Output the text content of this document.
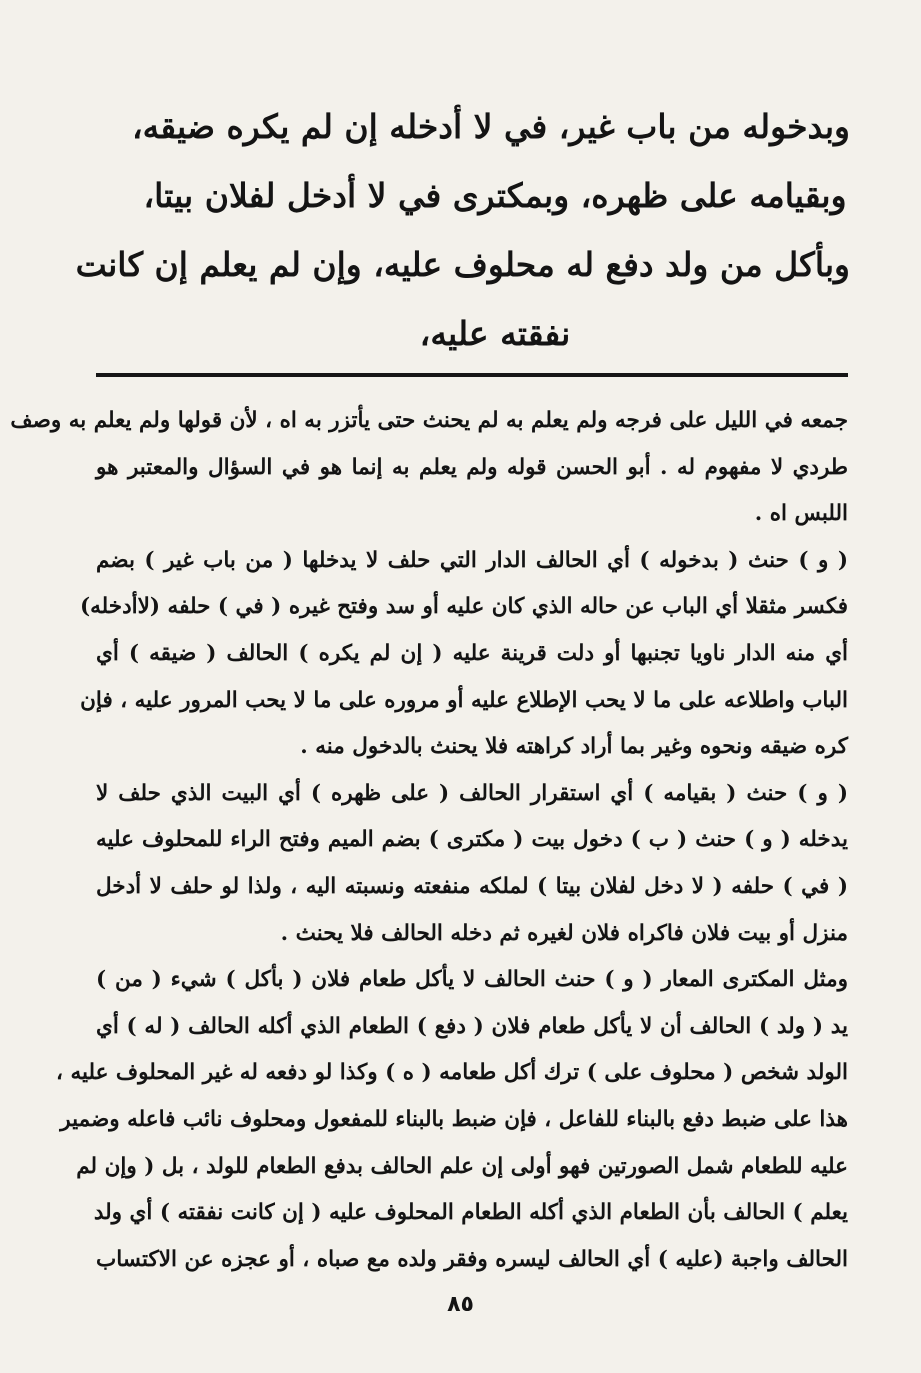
وبدخوله من باب غير، في لا أدخله إن لم يكره ضيقه،
وبقيامه على ظهره، وبمكترى في لا أدخل لفلان بيتا،
وبأكل من ولد دفع له محلوف عليه، وإن لم يعلم إن كانت
نفقته عليه،
جمعه في الليل على فرجه ولم يعلم به لم يحنث حتى يأتزر به اه ، لأن قولها ولم يعلم به وصف
طردي لا مفهوم له . أبو الحسن قوله ولم يعلم به إنما هو في السؤال والمعتبر هو
اللبس اه .
( و ) حنث ( بدخوله ) أي الحالف الدار التي حلف لا يدخلها ( من باب غير ) بضم
فكسر مثقلا أي الباب عن حاله الذي كان عليه أو سد وفتح غيره ( في ) حلفه (لاأدخله)
أي منه الدار ناويا تجنبها أو دلت قرينة عليه ( إن لم يكره ) الحالف ( ضيقه ) أي
الباب واطلاعه على ما لا يحب الإطلاع عليه أو مروره على ما لا يحب المرور عليه ، فإن
كره ضيقه ونحوه وغير بما أراد كراهته فلا يحنث بالدخول منه .
( و ) حنث ( بقيامه ) أي استقرار الحالف ( على ظهره ) أي البيت الذي حلف لا
يدخله ( و ) حنث ( ب ) دخول بيت ( مكترى ) بضم الميم وفتح الراء للمحلوف عليه
( في ) حلفه ( لا دخل لفلان بيتا ) لملكه منفعته ونسبته اليه ، ولذا لو حلف لا أدخل
منزل أو بيت فلان فاكراه فلان لغيره ثم دخله الحالف فلا يحنث .
ومثل المكترى المعار ( و ) حنث الحالف لا يأكل طعام فلان ( بأكل ) شيء ( من )
يد ( ولد ) الحالف أن لا يأكل طعام فلان ( دفع ) الطعام الذي أكله الحالف ( له ) أي
الولد شخص ( محلوف على ) ترك أكل طعامه ( ه ) وكذا لو دفعه له غير المحلوف عليه ،
هذا على ضبط دفع بالبناء للفاعل ، فإن ضبط بالبناء للمفعول ومحلوف نائب فاعله وضمير
عليه للطعام شمل الصورتين فهو أولى إن علم الحالف بدفع الطعام للولد ، بل ( وإن لم
يعلم ) الحالف بأن الطعام الذي أكله الطعام المحلوف عليه ( إن كانت نفقته ) أي ولد
الحالف واجبة (عليه ) أي الحالف ليسره وفقر ولده مع صباه ، أو عجزه عن الاكتساب
٨٥
